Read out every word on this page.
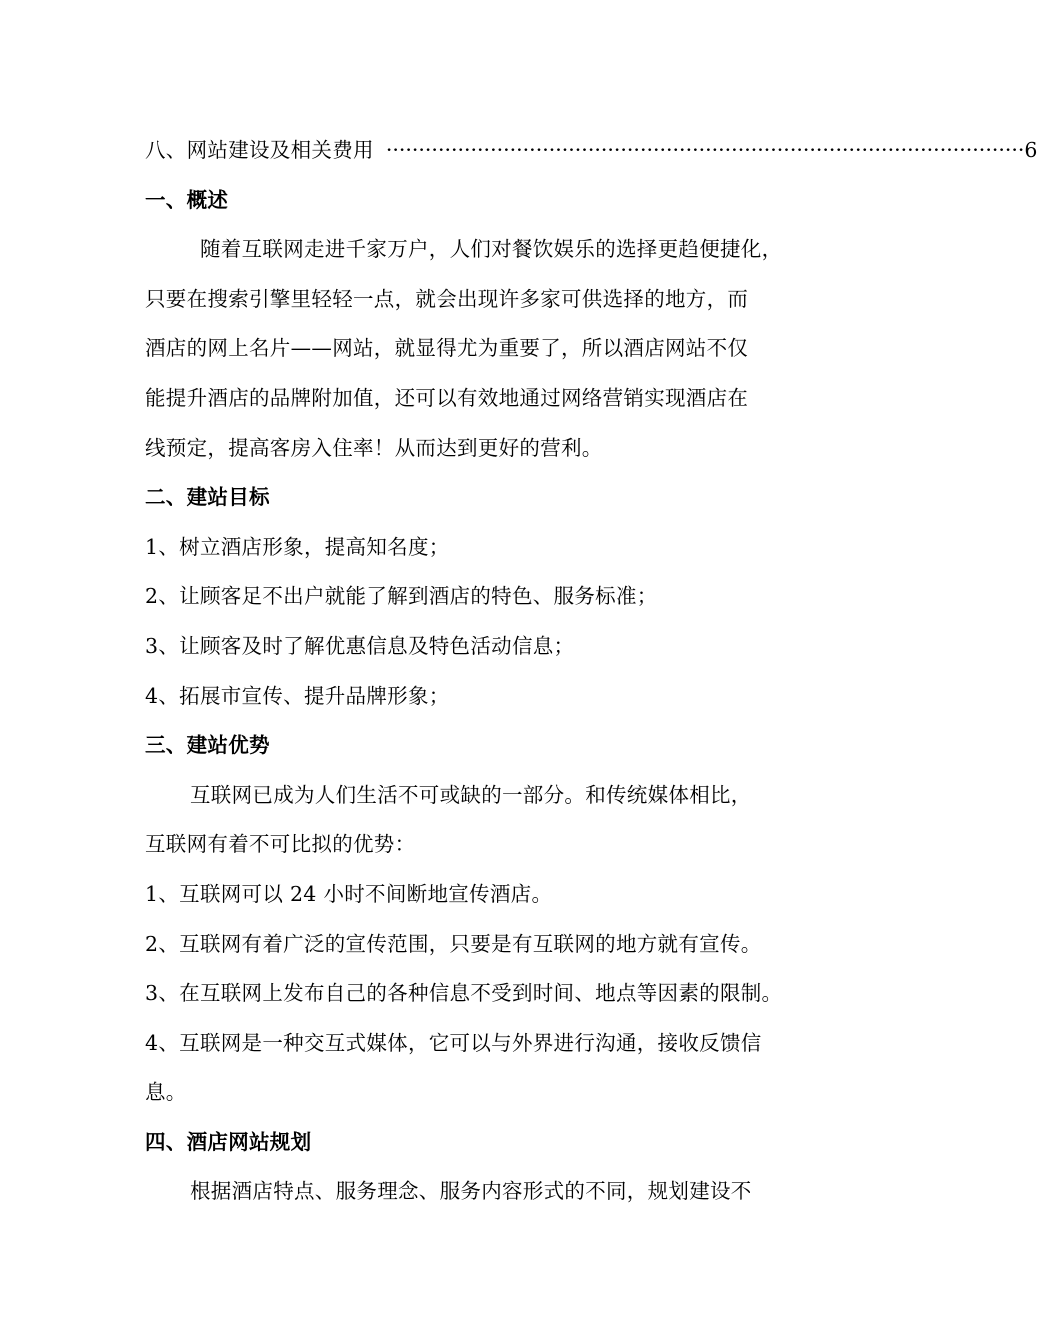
八、网站建设及相关费用 ·································································································· 6
一、概述
随着互联网走进千家万户，人们对餐饮娱乐的选择更趋便捷化，
只要在搜索引擎里轻轻一点，就会出现许多家可供选择的地方，而
酒店的网上名片——网站，就显得尤为重要了，所以酒店网站不仅
能提升酒店的品牌附加值，还可以有效地通过网络营销实现酒店在
线预定，提高客房入住率！从而达到更好的营利。
二、建站目标
1、树立酒店形象，提高知名度；
2、让顾客足不出户就能了解到酒店的特色、服务标准；
3、让顾客及时了解优惠信息及特色活动信息；
4、拓展市宣传、提升品牌形象；
三、建站优势
互联网已成为人们生活不可或缺的一部分。和传统媒体相比，
互联网有着不可比拟的优势：
1、互联网可以 24 小时不间断地宣传酒店。
2、互联网有着广泛的宣传范围，只要是有互联网的地方就有宣传。
3、在互联网上发布自己的各种信息不受到时间、地点等因素的限制。
4、互联网是一种交互式媒体，它可以与外界进行沟通，接收反馈信
息。
四、酒店网站规划
根据酒店特点、服务理念、服务内容形式的不同，规划建设不
